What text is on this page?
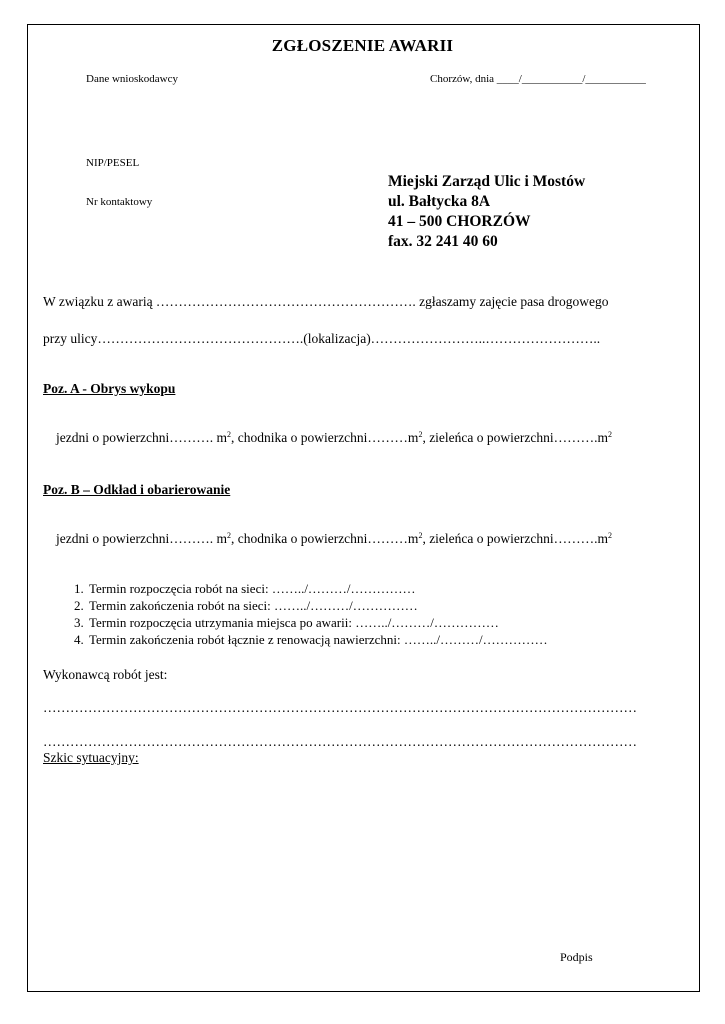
ZGŁOSZENIE AWARII
Dane wnioskodawcy	Chorzów, dnia ____/___________/___________
NIP/PESEL
Nr kontaktowy
Miejski Zarząd Ulic i Mostów
ul. Bałtycka 8A
41 – 500 CHORZÓW
fax. 32 241 40 60
W związku z awarią …………………………………………………. zgłaszamy zajęcie pasa drogowego
przy ulicy……………………………………….(lokalizacja)……………………..……………………..
Poz. A - Obrys wykopu
jezdni o powierzchni………. $m^2$, chodnika o $powierzchni\dots\dots\dots m^2$, zieleńca o $powierzchni\dots\dots\dots.m^2$
Poz. B – Odkład i obarierowanie
jezdni o powierzchni………. $m^2$, chodnika o $powierzchni\dots\dots\dots m^2$, zieleńca o $powierzchni\dots\dots\dots.m^2$
1. Termin rozpoczęcia robót na sieci: ……../………/……………
2. Termin zakończenia robót na sieci: ……../………/……………
3. Termin rozpoczęcia utrzymania miejsca po awarii: ……../………/……………
4. Termin zakończenia robót łącznie z renowacją nawierzchni: ……../………/……………
Wykonawcą robót jest:
……………………………………………………………………………………………………………………
……………………………………………………………………………………………………………………
Szkic sytuacyjny:
Podpis
